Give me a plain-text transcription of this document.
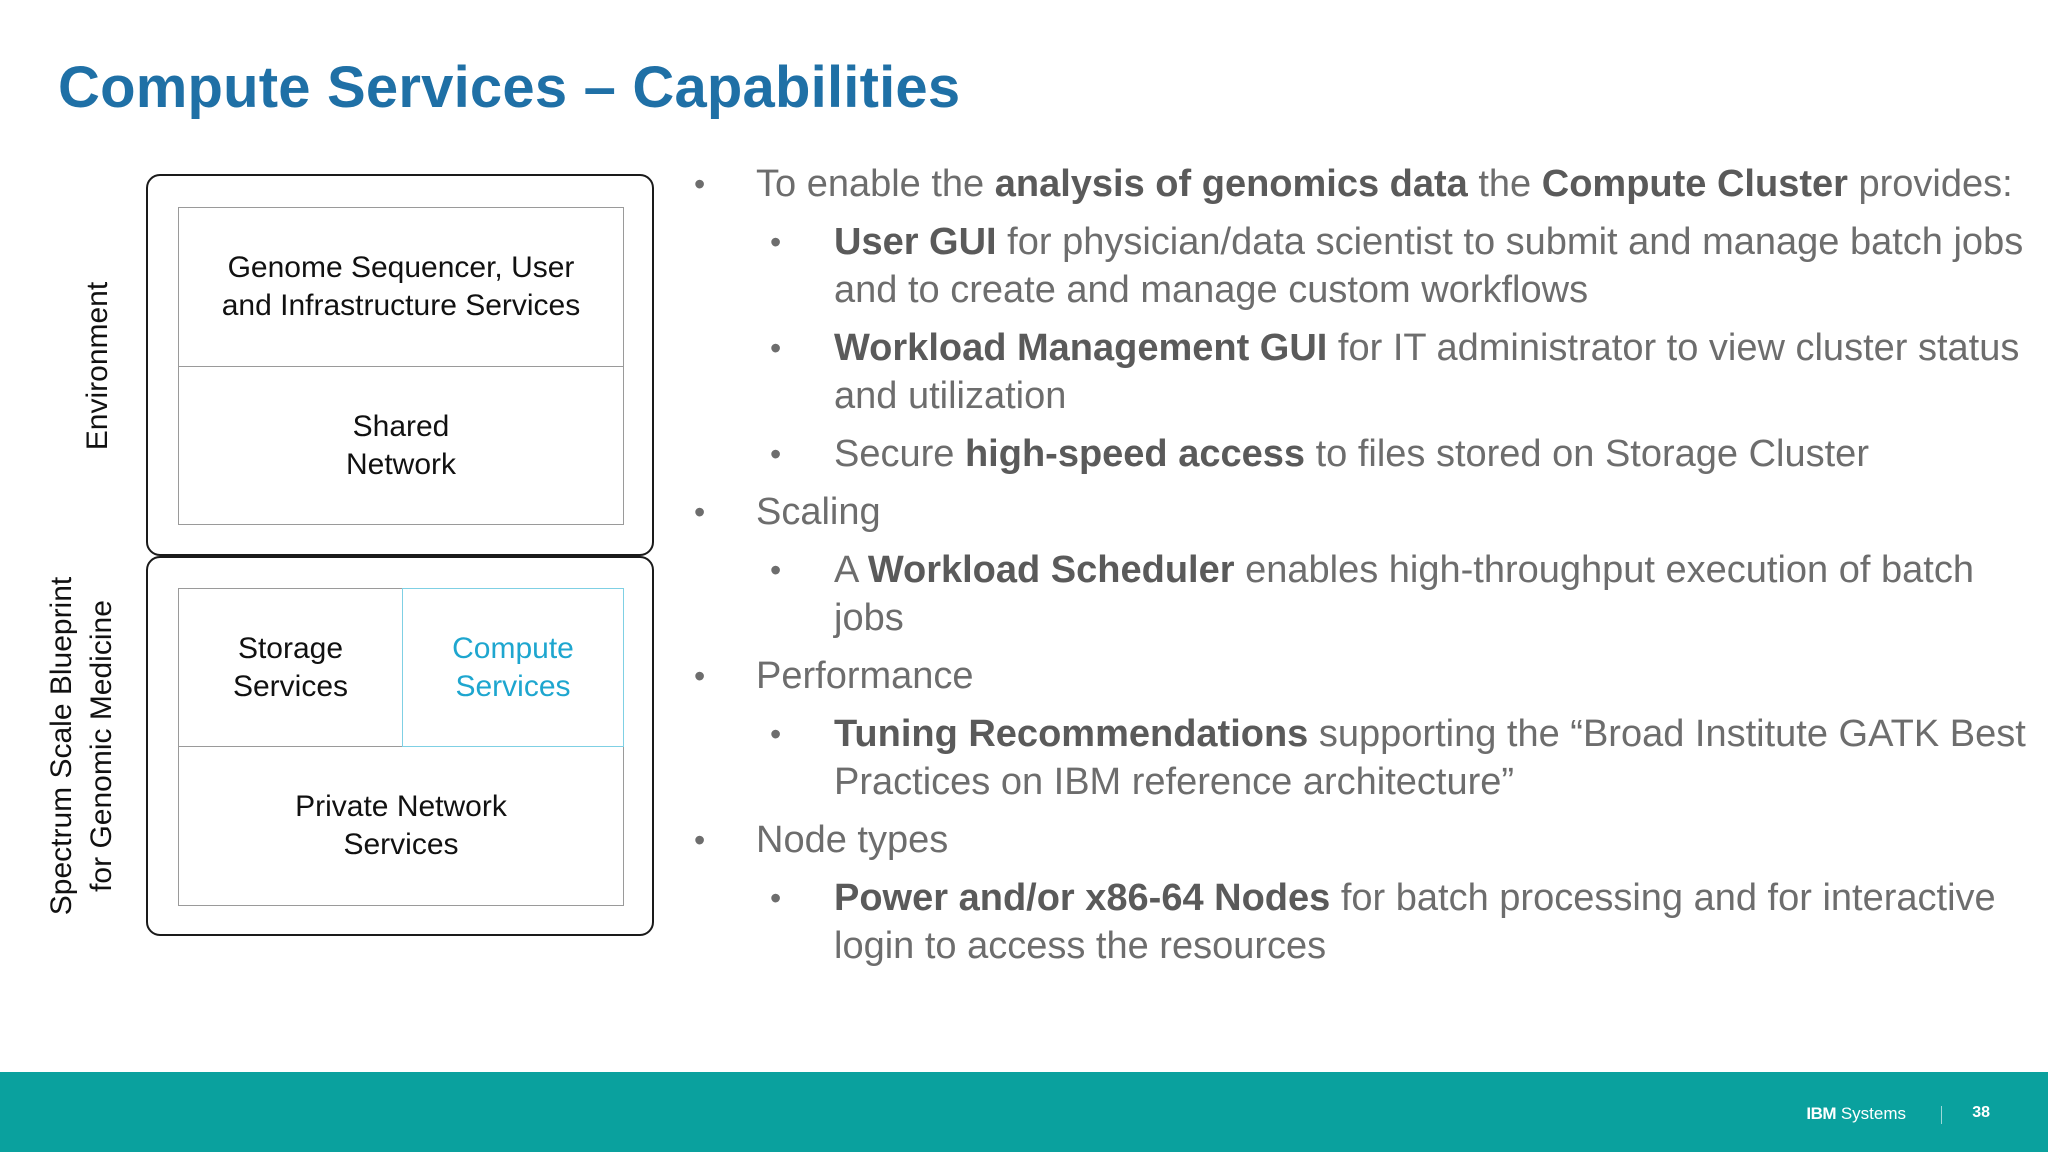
Compute Services – Capabilities
Environment
Spectrum Scale Blueprint for Genomic Medicine
Genome Sequencer, User
and Infrastructure Services
Shared
Network
Storage
Services
Compute
Services
Private Network
Services
• To enable the analysis of genomics data the Compute Cluster provides:
• User GUI for physician/data scientist to submit and manage batch jobs and to create and manage custom workflows
• Workload Management GUI for IT administrator to view cluster status and utilization
• Secure high-speed access to files stored on Storage Cluster
• Scaling
• A Workload Scheduler enables high-throughput execution of batch jobs
• Performance
• Tuning Recommendations supporting the “Broad Institute GATK Best Practices on IBM reference architecture”
• Node types
• Power and/or x86-64 Nodes for batch processing and for interactive login to access the resources
IBM Systems	38
